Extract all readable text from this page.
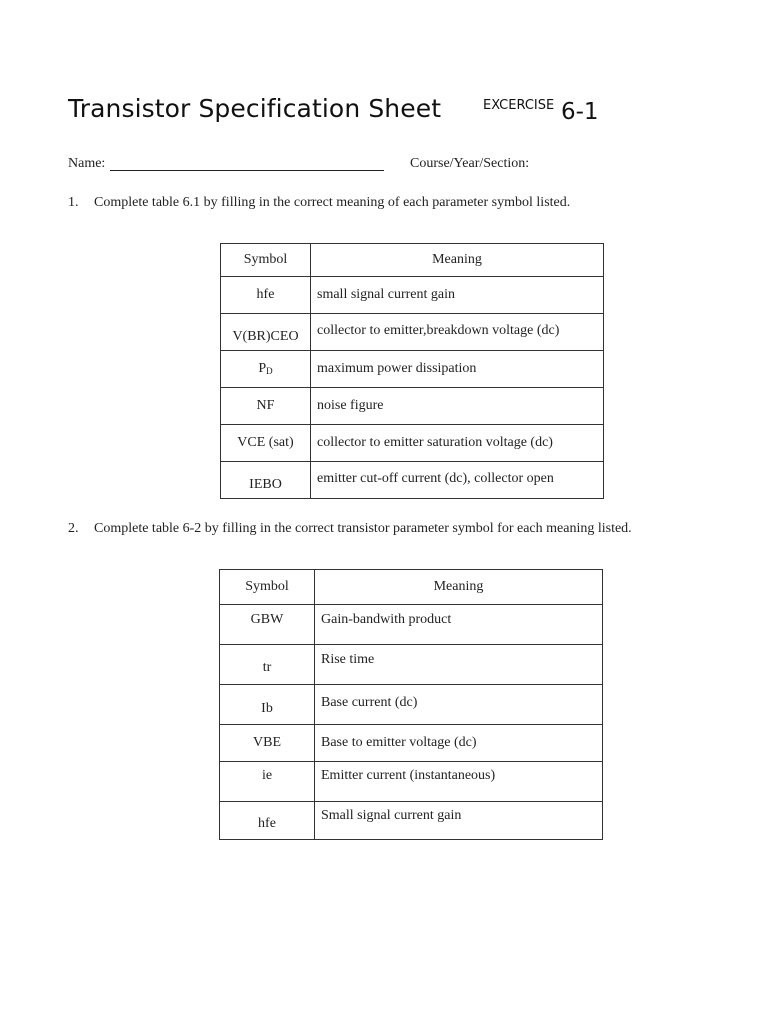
Transistor Specification Sheet	EXCERCISE 6-1
Name:	Course/Year/Section:
1. Complete table 6.1 by filling in the correct meaning of each parameter symbol listed.
Symbol	Meaning
hfe	small signal current gain
V(BR)CEO	collector to emitter,breakdown voltage (dc)
PD	maximum power dissipation
NF	noise figure
VCE (sat)	collector to emitter saturation voltage (dc)
IEBO	emitter cut-off current (dc), collector open
2. Complete table 6-2 by filling in the correct transistor parameter symbol for each meaning listed.
Symbol	Meaning
GBW	Gain-bandwith product
tr	Rise time
Ib	Base current (dc)
VBE	Base to emitter voltage (dc)
ie	Emitter current (instantaneous)
hfe	Small signal current gain
